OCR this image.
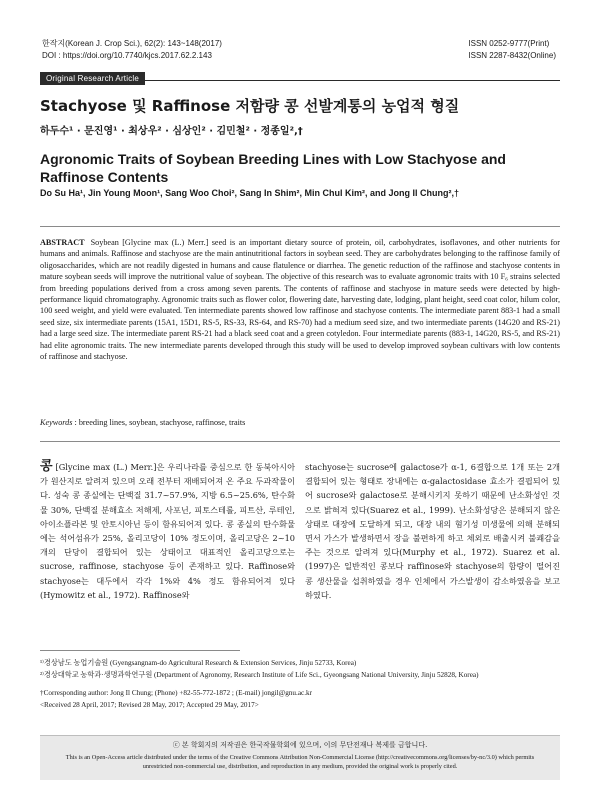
한작지(Korean J. Crop Sci.), 62(2): 143~148(2017)
DOI : https://doi.org/10.7740/kjcs.2017.62.2.143
ISSN 0252-9777(Print)
ISSN 2287-8432(Online)
Original Research Article
Stachyose 및 Raffinose 저함량 콩 선발계통의 농업적 형질
하두수¹ · 문진영¹ · 최상우² · 심상인² · 김민철² · 정종일²,†
Agronomic Traits of Soybean Breeding Lines with Low Stachyose and Raffinose Contents
Do Su Ha¹, Jin Young Moon¹, Sang Woo Choi², Sang In Shim², Min Chul Kim², and Jong Il Chung²,†
ABSTRACT Soybean [Glycine max (L.) Merr.] seed is an important dietary source of protein, oil, carbohydrates, isoflavones, and other nutrients for humans and animals. Raffinose and stachyose are the main antinutritional factors in soybean seed. They are carbohydrates belonging to the raffinose family of oligosaccharides, which are not readily digested in humans and cause flatulence or diarrhea. The genetic reduction of the raffinose and stachyose contents in mature soybean seeds will improve the nutritional value of soybean. The objective of this research was to evaluate agronomic traits with 10 F₆ strains selected from breeding populations derived from a cross among seven parents. The contents of raffinose and stachyose in mature seeds were detected by high-performance liquid chromatography. Agronomic traits such as flower color, flowering date, harvesting date, lodging, plant height, seed coat color, hilum color, 100 seed weight, and yield were evaluated. Ten intermediate parents showed low raffinose and stachyose contents. The intermediate parent 883-1 had a small seed size, six intermediate parents (15A1, 15D1, RS-5, RS-33, RS-64, and RS-70) had a medium seed size, and two intermediate parents (14G20 and RS-21) had a large seed size. The intermediate parent RS-21 had a black seed coat and a green cotyledon. Four intermediate parents (883-1, 14G20, RS-5, and RS-21) had elite agronomic traits. The new intermediate parents developed through this study will be used to develop improved soybean cultivars with low contents of raffinose and stachyose.
Keywords : breeding lines, soybean, stachyose, raffinose, traits
콩 [Glycine max (L.) Merr.]은 우리나라를 중심으로 한 동북아시아가 원산지로 알려져 있으며 오래 전부터 재배되어져 온 주요 두과작물이다. 성숙 콩 종실에는 단백질 31.7~57.9%, 지방 6.5~25.6%, 탄수화물 30%, 단백질 분해효소 저해제, 사포닌, 피토스테롤, 피트산, 루테인, 아이소플라본 및 안토시아닌 등이 함유되어져 있다. 콩 종실의 탄수화물에는 석어섬유가 25%, 올리고당이 10% 정도이며, 올리고당은 2~10개의 단당이 결합되어 있는 상태이고 대표적인 올리고당으로는 sucrose, raffinose, stachyose 등이 존재하고 있다. Raffinose와 stachyose는 대두에서 각각 1%와 4% 정도 함유되어져 있다(Hymowitz et al., 1972). Raffinose와
stachyose는 sucrose에 galactose가 α-1, 6결합으로 1개 또는 2개 결합되어 있는 형태로 장내에는 α-galactosidase 효소가 결핍되어 있어 sucrose와 galactose로 분해시키지 못하기 때문에 난소화성인 것으로 밝혀져 있다(Suarez et al., 1999). 난소화성당은 분해되지 않은 상태로 대장에 도달하게 되고, 대장 내의 혐기성 미생물에 의해 분해되면서 가스가 발생하면서 장을 불편하게 하고 체외로 배출시켜 불쾌감을 주는 것으로 알려져 있다(Murphy et al., 1972). Suarez et al. (1997)은 일반적인 콩보다 raffinose와 stachyose의 함량이 떨어진 콩 생산물을 섭취하였을 경우 인체에서 가스발생이 감소하였음을 보고하였다.

¹⁾경상남도 농업기술원 (Gyengsangnam-do Agricultural Research & Extension Services, Jinju 52733, Korea)

²⁾경상대학교 농학과·생명과학연구원 (Department of Agronomy, Research Institute of Life Sci., Gyeongsang National University, Jinju 52828, Korea)

†Corresponding author: Jong Il Chung; (Phone) +82-55-772-1872 ; (E-mail) jongil@gnu.ac.kr

<Received 28 April, 2017; Revised 28 May, 2017; Accepted 29 May, 2017>

ⓒ 본 학회지의 저작권은 한국작물학회에 있으며, 이의 무단전재나 복제를 금합니다.
This is an Open-Access article distributed under the terms of the Creative Commons Attribution Non-Commercial License (http://creativecommons.org/licenses/by-nc/3.0) which permits unrestricted non-commercial use, distribution, and reproduction in any medium, provided the original work is properly cited.
